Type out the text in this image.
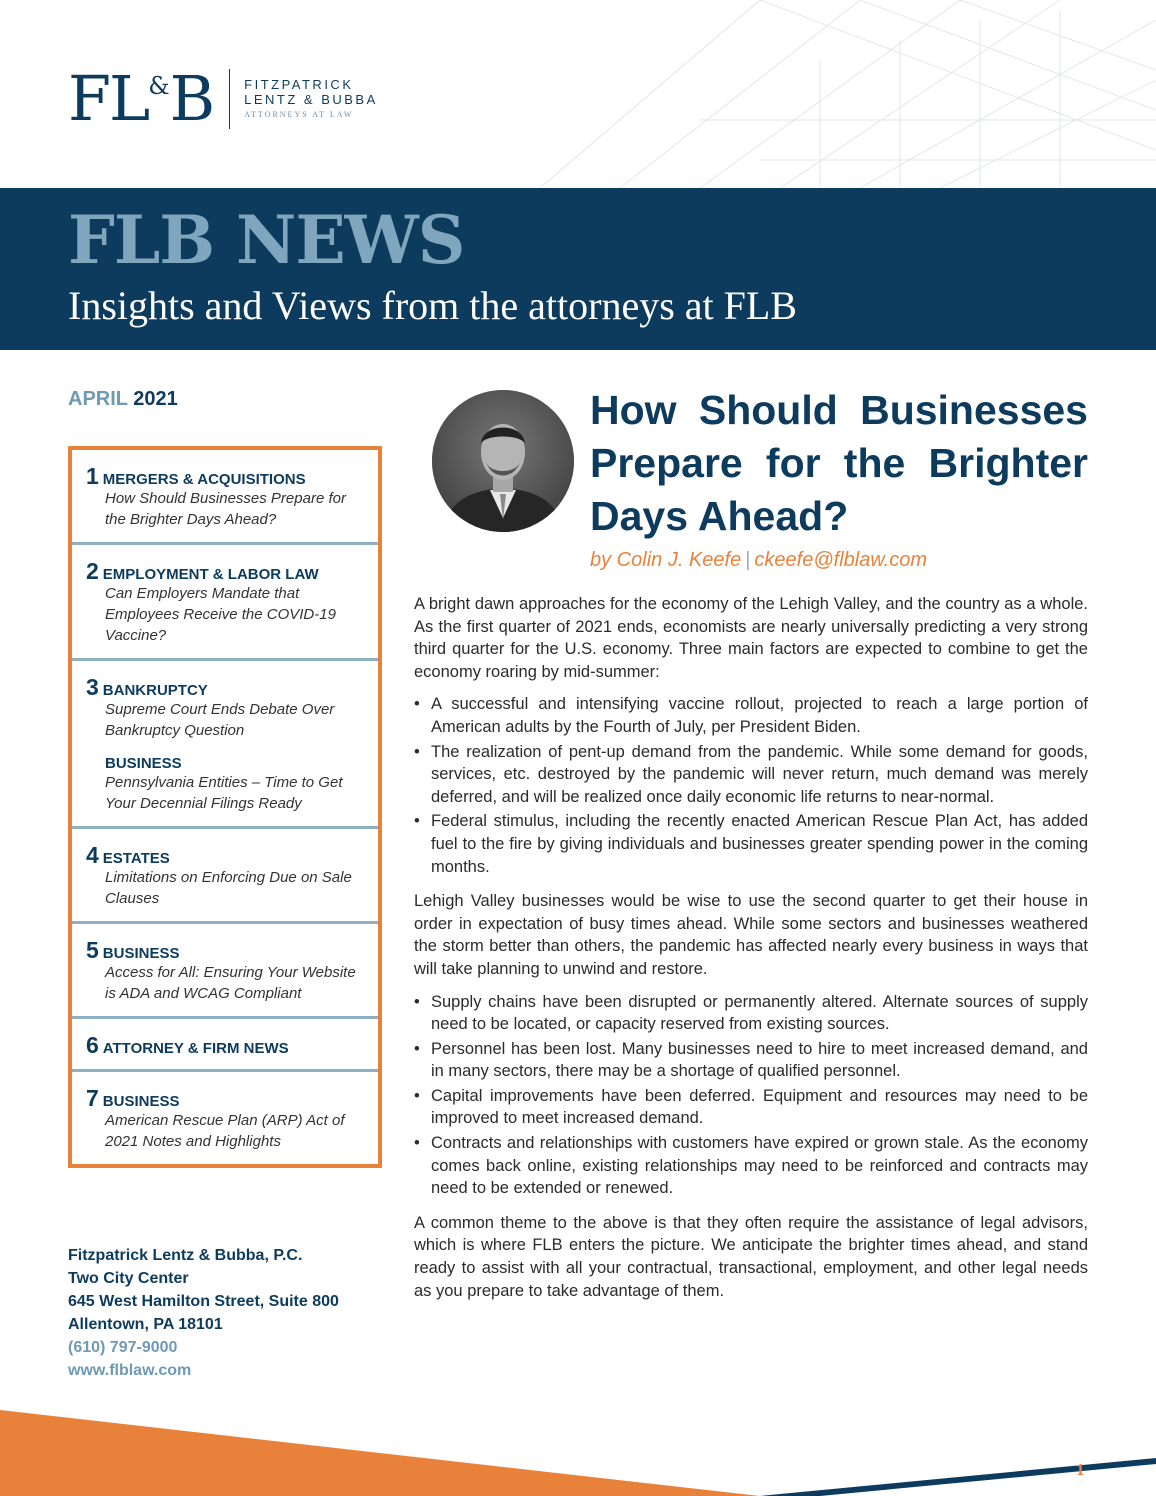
FL&B FITZPATRICK
LENTZ & BUBBA
ATTORNEYS AT LAW
FLB NEWS
Insights and Views from the attorneys at FLB
APRIL 2021
1 MERGERS & ACQUISITIONS
How Should Businesses Prepare for the Brighter Days Ahead?
2 EMPLOYMENT & LABOR LAW
Can Employers Mandate that Employees Receive the COVID-19 Vaccine?
3 BANKRUPTCY
Supreme Court Ends Debate Over Bankruptcy Question
BUSINESS
Pennsylvania Entities – Time to Get Your Decennial Filings Ready
4 ESTATES
Limitations on Enforcing Due on Sale Clauses
5 BUSINESS
Access for All: Ensuring Your Website is ADA and WCAG Compliant
6 ATTORNEY & FIRM NEWS
7 BUSINESS
American Rescue Plan (ARP) Act of 2021 Notes and Highlights
Fitzpatrick Lentz & Bubba, P.C.
Two City Center
645 West Hamilton Street, Suite 800
Allentown, PA 18101
(610) 797-9000
www.flblaw.com
How Should Businesses
Prepare for the Brighter
Days Ahead?
by Colin J. Keefe | ckeefe@flblaw.com

A bright dawn approaches for the economy of the Lehigh Valley, and the country as a whole. As the first quarter of 2021 ends, economists are nearly universally predicting a very strong third quarter for the U.S. economy. Three main factors are expected to combine to get the economy roaring by mid-summer:

• A successful and intensifying vaccine rollout, projected to reach a large portion of American adults by the Fourth of July, per President Biden.
• The realization of pent-up demand from the pandemic. While some demand for goods, services, etc. destroyed by the pandemic will never return, much demand was merely deferred, and will be realized once daily economic life returns to near-normal.
• Federal stimulus, including the recently enacted American Rescue Plan Act, has added fuel to the fire by giving individuals and businesses greater spending power in the coming months.

Lehigh Valley businesses would be wise to use the second quarter to get their house in order in expectation of busy times ahead. While some sectors and businesses weathered the storm better than others, the pandemic has affected nearly every business in ways that will take planning to unwind and restore.

• Supply chains have been disrupted or permanently altered. Alternate sources of supply need to be located, or capacity reserved from existing sources.
• Personnel has been lost. Many businesses need to hire to meet increased demand, and in many sectors, there may be a shortage of qualified personnel.
• Capital improvements have been deferred. Equipment and resources may need to be improved to meet increased demand.
• Contracts and relationships with customers have expired or grown stale. As the economy comes back online, existing relationships may need to be reinforced and contracts may need to be extended or renewed.

A common theme to the above is that they often require the assistance of legal advisors, which is where FLB enters the picture. We anticipate the brighter times ahead, and stand ready to assist with all your contractual, transactional, employment, and other legal needs as you prepare to take advantage of them.

1
